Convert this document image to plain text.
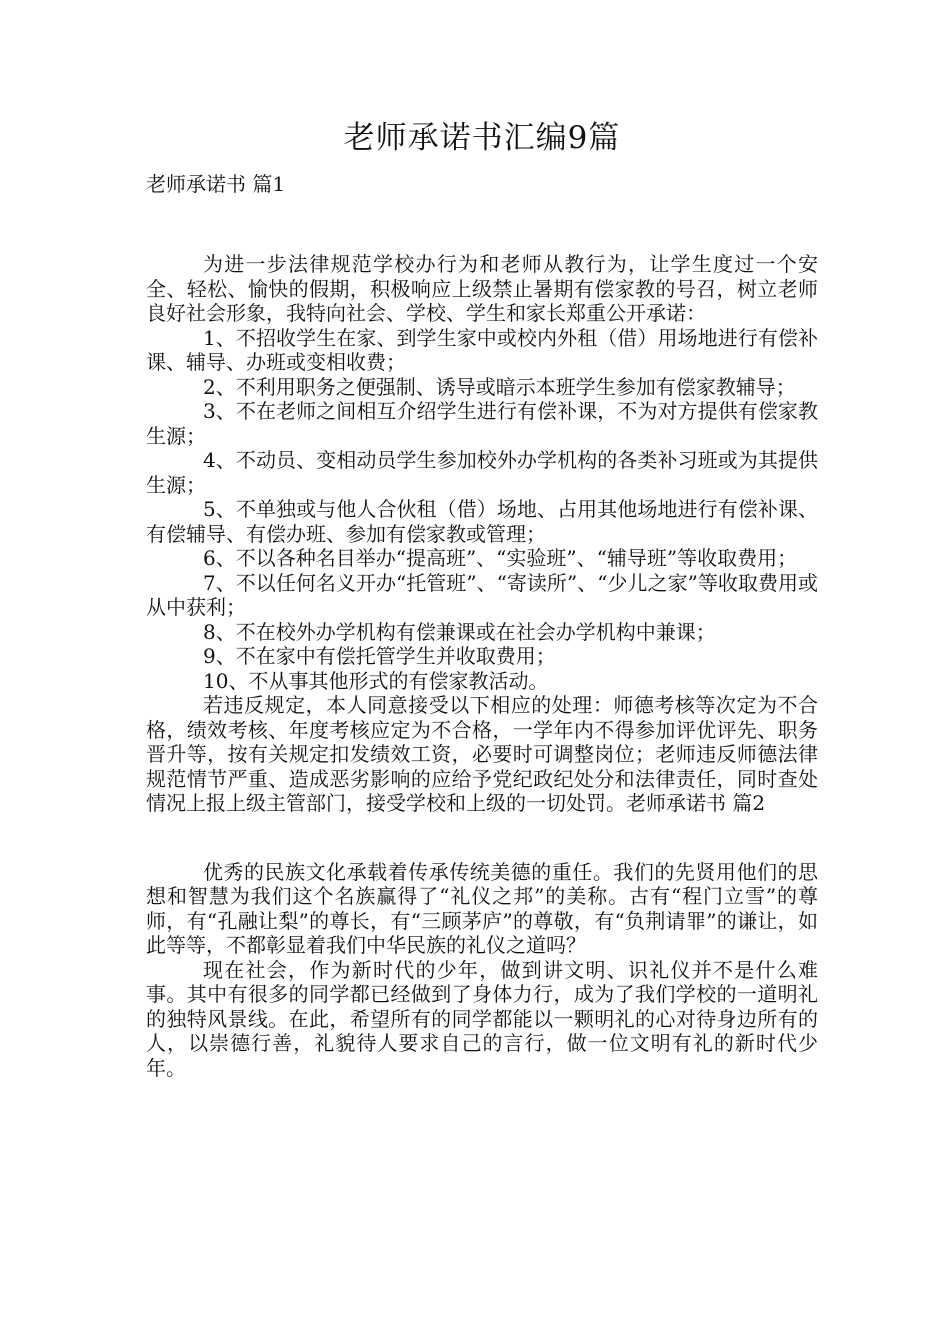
老师承诺书汇编9篇
老师承诺书 篇1

为进一步法律规范学校办行为和老师从教行为，让学生度过一个安全、轻松、愉快的假期，积极响应上级禁止暑期有偿家教的号召，树立老师良好社会形象，我特向社会、学校、学生和家长郑重公开承诺：

1、不招收学生在家、到学生家中或校内外租（借）用场地进行有偿补课、辅导、办班或变相收费；

2、不利用职务之便强制、诱导或暗示本班学生参加有偿家教辅导；

3、不在老师之间相互介绍学生进行有偿补课，不为对方提供有偿家教生源；

4、不动员、变相动员学生参加校外办学机构的各类补习班或为其提供生源；

5、不单独或与他人合伙租（借）场地、占用其他场地进行有偿补课、有偿辅导、有偿办班、参加有偿家教或管理；

6、不以各种名目举办“提高班”、“实验班”、“辅导班”等收取费用；

7、不以任何名义开办“托管班”、“寄读所”、“少儿之家”等收取费用或从中获利；

8、不在校外办学机构有偿兼课或在社会办学机构中兼课；

9、不在家中有偿托管学生并收取费用；

10、不从事其他形式的有偿家教活动。

若违反规定，本人同意接受以下相应的处理：师德考核等次定为不合格，绩效考核、年度考核应定为不合格，一学年内不得参加评优评先、职务晋升等，按有关规定扣发绩效工资，必要时可调整岗位；老师违反师德法律规范情节严重、造成恶劣影响的应给予党纪政纪处分和法律责任，同时查处情况上报上级主管部门，接受学校和上级的一切处罚。老师承诺书 篇2

优秀的民族文化承载着传承传统美德的重任。我们的先贤用他们的思想和智慧为我们这个名族赢得了“礼仪之邦”的美称。古有“程门立雪”的尊师，有“孔融让梨”的尊长，有“三顾茅庐”的尊敬，有“负荆请罪”的谦让，如此等等，不都彰显着我们中华民族的礼仪之道吗？

现在社会，作为新时代的少年，做到讲文明、识礼仪并不是什么难事。其中有很多的同学都已经做到了身体力行，成为了我们学校的一道明礼的独特风景线。在此，希望所有的同学都能以一颗明礼的心对待身边所有的人，以崇德行善，礼貌待人要求自己的言行，做一位文明有礼的新时代少年。
